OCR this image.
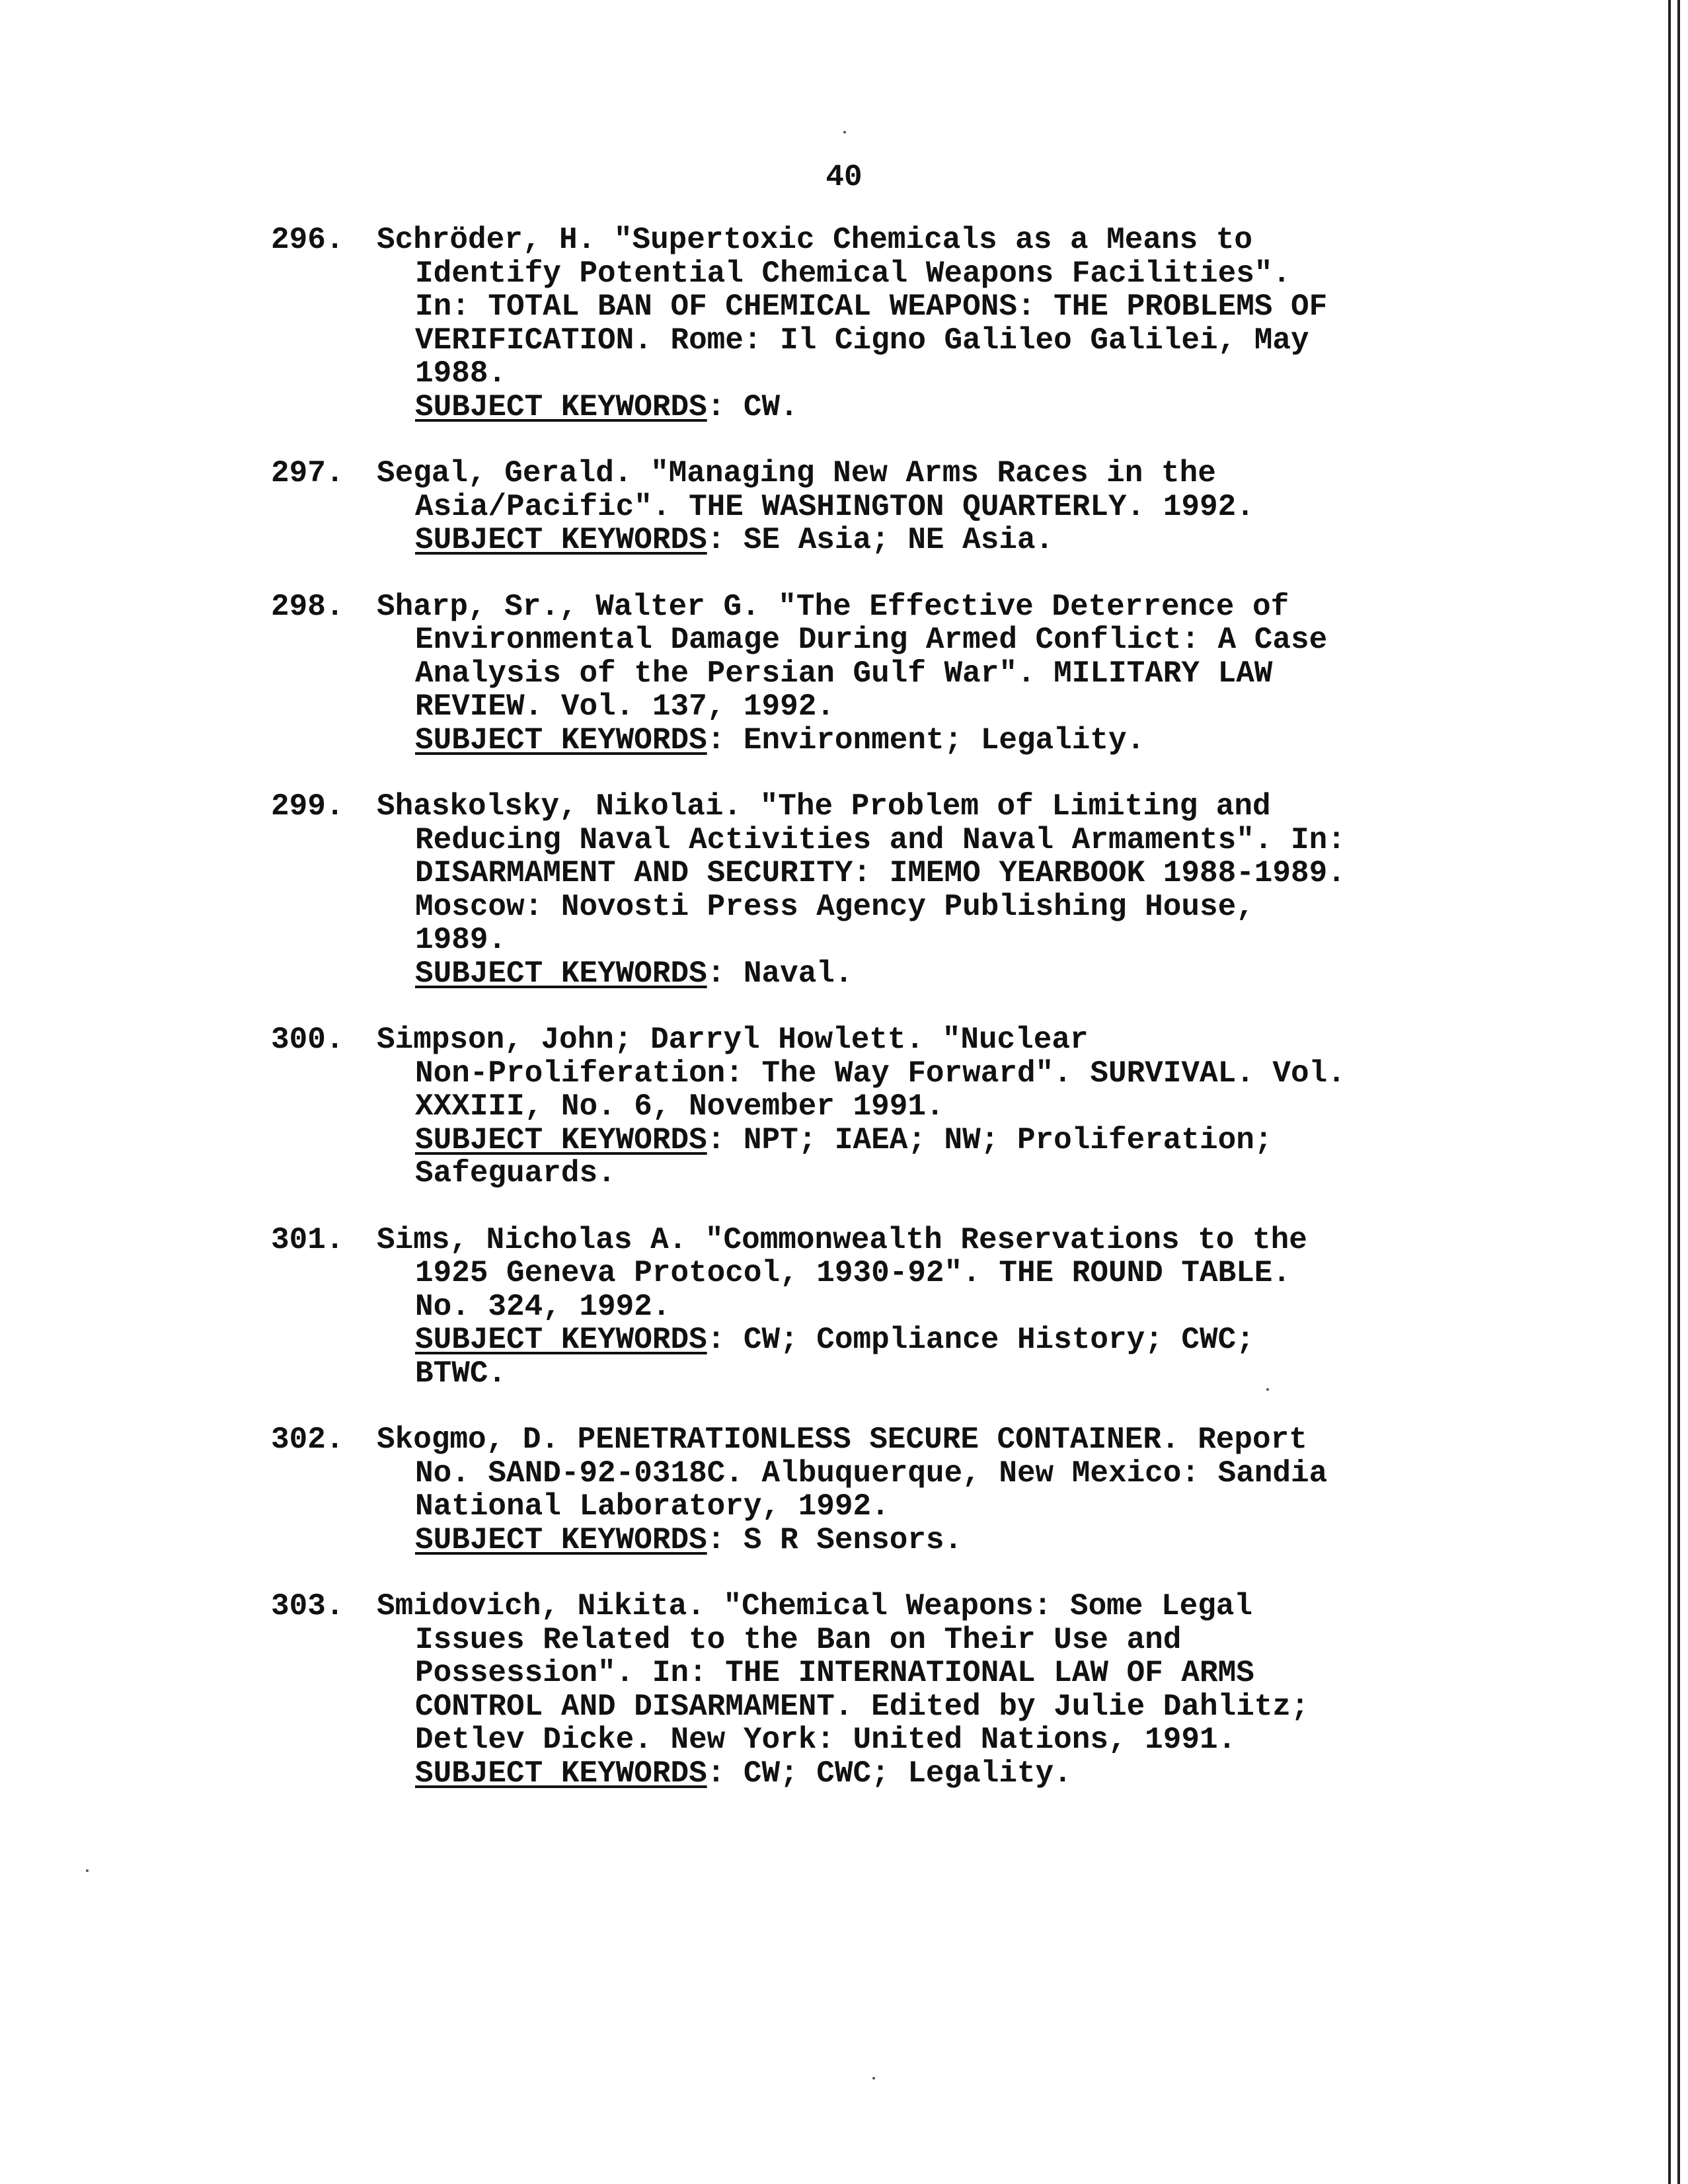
40
296. Schröder, H. "Supertoxic Chemicals as a Means to
Identify Potential Chemical Weapons Facilities".
In: TOTAL BAN OF CHEMICAL WEAPONS: THE PROBLEMS OF
VERIFICATION. Rome: Il Cigno Galileo Galilei, May
1988.
SUBJECT KEYWORDS: CW.
297. Segal, Gerald. "Managing New Arms Races in the
Asia/Pacific". THE WASHINGTON QUARTERLY. 1992.
SUBJECT KEYWORDS: SE Asia; NE Asia.
298. Sharp, Sr., Walter G. "The Effective Deterrence of
Environmental Damage During Armed Conflict: A Case
Analysis of the Persian Gulf War". MILITARY LAW
REVIEW. Vol. 137, 1992.
SUBJECT KEYWORDS: Environment; Legality.
299. Shaskolsky, Nikolai. "The Problem of Limiting and
Reducing Naval Activities and Naval Armaments". In:
DISARMAMENT AND SECURITY: IMEMO YEARBOOK 1988-1989.
Moscow: Novosti Press Agency Publishing House,
1989.
SUBJECT KEYWORDS: Naval.
300. Simpson, John; Darryl Howlett. "Nuclear
Non-Proliferation: The Way Forward". SURVIVAL. Vol.
XXXIII, No. 6, November 1991.
SUBJECT KEYWORDS: NPT; IAEA; NW; Proliferation;
Safeguards.
301. Sims, Nicholas A. "Commonwealth Reservations to the
1925 Geneva Protocol, 1930-92". THE ROUND TABLE.
No. 324, 1992.
SUBJECT KEYWORDS: CW; Compliance History; CWC;
BTWC.
302. Skogmo, D. PENETRATIONLESS SECURE CONTAINER. Report
No. SAND-92-0318C. Albuquerque, New Mexico: Sandia
National Laboratory, 1992.
SUBJECT KEYWORDS: S R Sensors.
303. Smidovich, Nikita. "Chemical Weapons: Some Legal
Issues Related to the Ban on Their Use and
Possession". In: THE INTERNATIONAL LAW OF ARMS
CONTROL AND DISARMAMENT. Edited by Julie Dahlitz;
Detlev Dicke. New York: United Nations, 1991.
SUBJECT KEYWORDS: CW; CWC; Legality.
